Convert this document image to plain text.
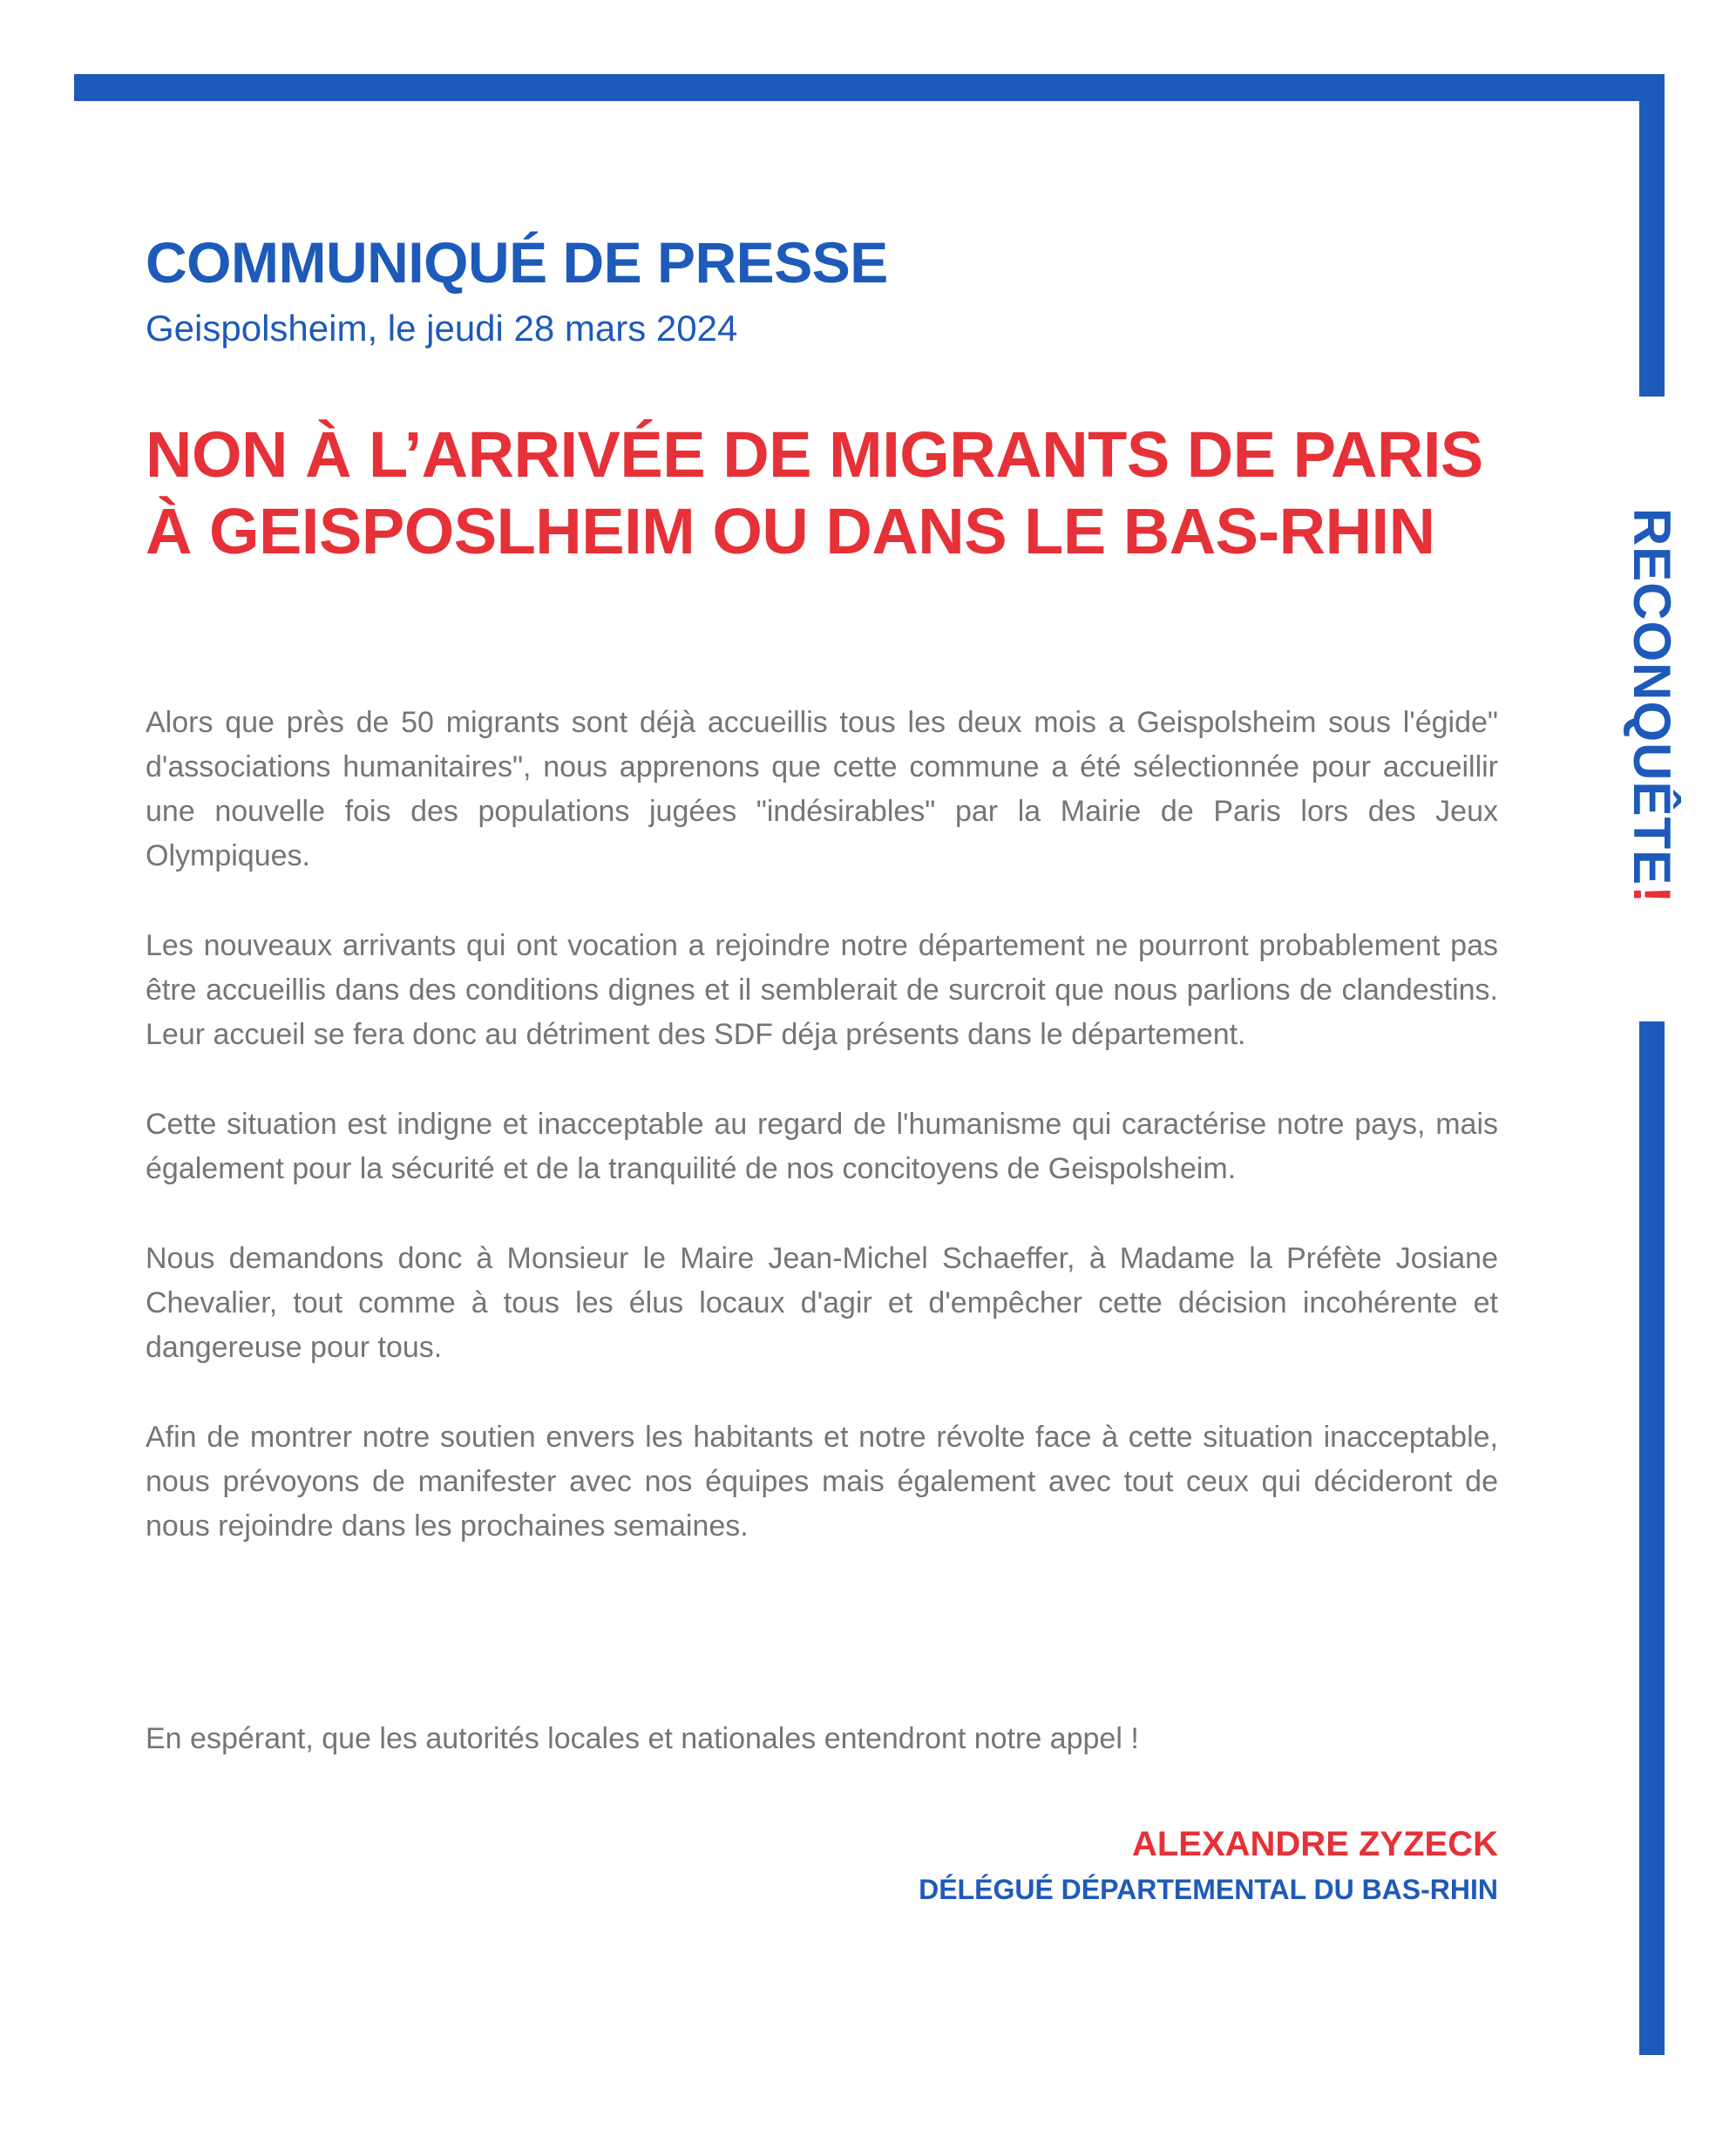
RECONQUÊTE!
COMMUNIQUÉ DE PRESSE
Geispolsheim, le jeudi 28 mars 2024
NON À L’ARRIVÉE DE MIGRANTS DE PARIS À GEISPOSLHEIM OU DANS LE BAS-RHIN

Alors que près de 50 migrants sont déjà accueillis tous les deux mois a Geispolsheim sous l'égide" d'associations humanitaires", nous apprenons que cette commune a été sélectionnée pour accueillir une nouvelle fois des populations jugées "indésirables" par la Mairie de Paris lors des Jeux Olympiques.

Les nouveaux arrivants qui ont vocation a rejoindre notre département ne pourront probablement pas être accueillis dans des conditions dignes et il semblerait de surcroit que nous parlions de clandestins. Leur accueil se fera donc au détriment des SDF déja présents dans le département.

Cette situation est indigne et inacceptable au regard de l'humanisme qui caractérise notre pays, mais également pour la sécurité et de la tranquilité de nos concitoyens de Geispolsheim.

Nous demandons donc à Monsieur le Maire Jean-Michel Schaeffer, à Madame la Préfète Josiane Chevalier, tout comme à tous les élus locaux d'agir et d'empêcher cette décision incohérente et dangereuse pour tous.

Afin de montrer notre soutien envers les habitants et notre révolte face à cette situation inacceptable, nous prévoyons de manifester avec nos équipes mais également avec tout ceux qui décideront de nous rejoindre dans les prochaines semaines.

En espérant, que les autorités locales et nationales entendront notre appel !

ALEXANDRE ZYZECK
DÉLÉGUÉ DÉPARTEMENTAL DU BAS-RHIN
